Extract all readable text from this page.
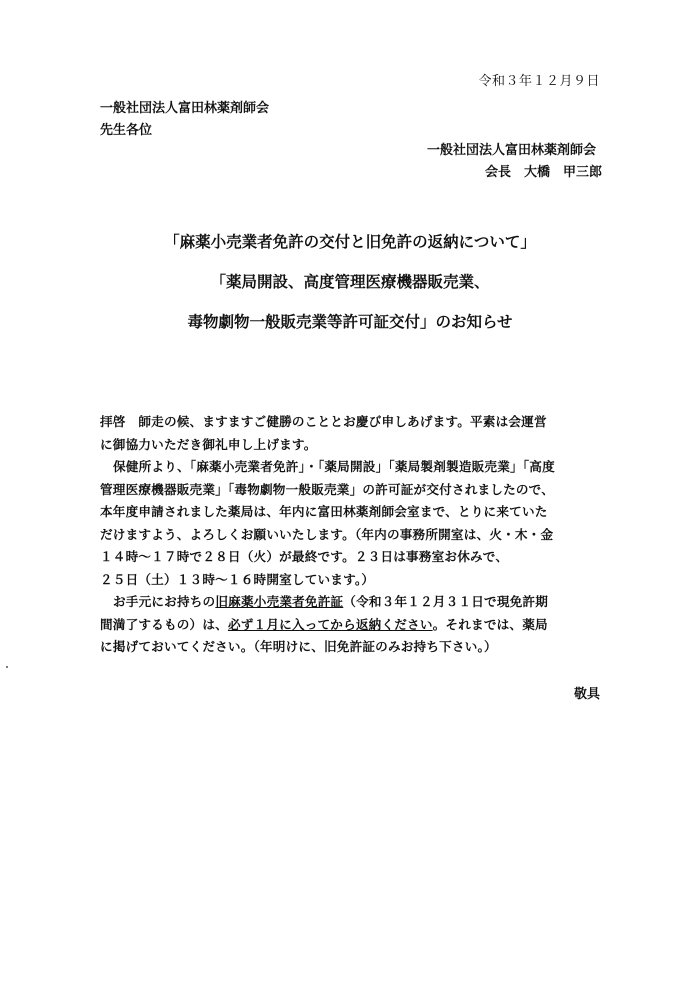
令和３年１２月９日
一般社団法人富田林薬剤師会
先生各位
一般社団法人富田林薬剤師会
会長　大橋　甲三郎
「麻薬小売業者免許の交付と旧免許の返納について」
「薬局開設、高度管理医療機器販売業、
毒物劇物一般販売業等許可証交付」のお知らせ
拝啓　師走の候、ますますご健勝のこととお慶び申しあげます。平素は会運営
に御協力いただき御礼申し上げます。
保健所より、「麻薬小売業者免許」・「薬局開設」「薬局製剤製造販売業」「高度
管理医療機器販売業」「毒物劇物一般販売業」の許可証が交付されましたので、
本年度申請されました薬局は、年内に富田林薬剤師会室まで、とりに来ていた
だけますよう、よろしくお願いいたします。（年内の事務所開室は、火・木・金
１４時～１７時で２８日（火）が最終です。２３日は事務室お休みで、
２５日（土）１３時～１６時開室しています。）
お手元にお持ちの旧麻薬小売業者免許証（令和３年１２月３１日で現免許期
間満了するもの）は、必ず１月に入ってから返納ください。それまでは、薬局
に掲げておいてください。（年明けに、旧免許証のみお持ち下さい。）
敬具
